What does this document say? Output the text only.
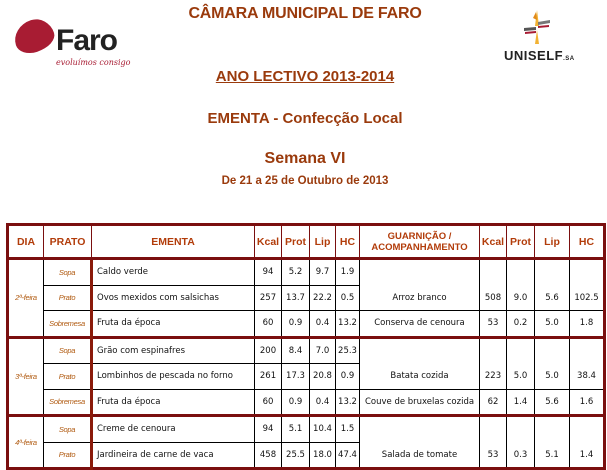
Faro
evoluímos consigo
CÂMARA MUNICIPAL DE FARO
UNISELF.SA
ANO LECTIVO 2013-2014
EMENTA - Confecção Local
Semana VI
De 21 a 25 de Outubro de 2013
DIA	PRATO	EMENTA	Kcal	Prot	Lip	HC	GUARNIÇÃO / ACOMPANHAMENTO	Kcal	Prot	Lip	HC
2ª-feira	Sopa	Caldo verde	94	5.2	9.7	1.9					
	Prato	Ovos mexidos com salsichas	257	13.7	22.2	0.5	Arroz branco	508	9.0	5.6	102.5
	Sobremesa	Fruta da época	60	0.9	0.4	13.2	Conserva de cenoura	53	0.2	5.0	1.8
3ª-feira	Sopa	Grão com espinafres	200	8.4	7.0	25.3					
	Prato	Lombinhos de pescada no forno	261	17.3	20.8	0.9	Batata cozida	223	5.0	5.0	38.4
	Sobremesa	Fruta da época	60	0.9	0.4	13.2	Couve de bruxelas cozida	62	1.4	5.6	1.6
4ª-feira	Sopa	Creme de cenoura	94	5.1	10.4	1.5					
	Prato	Jardineira de carne de vaca	458	25.5	18.0	47.4	Salada de tomate	53	0.3	5.1	1.4
